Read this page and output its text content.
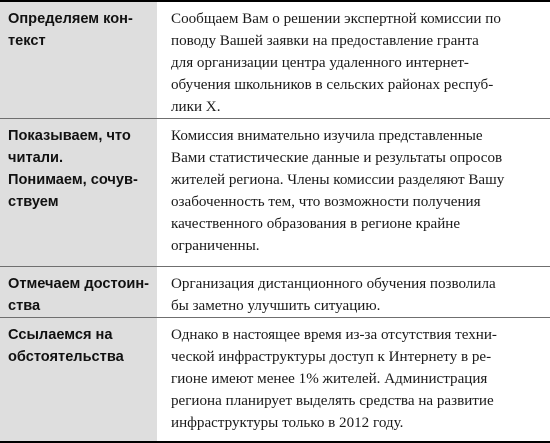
Определяем кон-
текст
Сообщаем Вам о решении экспертной комиссии по
поводу Вашей заявки на предоставление гранта
для организации центра удаленного интернет-
обучения школьников в сельских районах респуб-
лики Х.
Показываем, что
читали.
Понимаем, сочув-
ствуем
Комиссия внимательно изучила представленные
Вами статистические данные и результаты опросов
жителей региона. Члены комиссии разделяют Вашу
озабоченность тем, что возможности получения
качественного образования в регионе крайне
ограниченны.
Отмечаем достоин-
ства
Организация дистанционного обучения позволила
бы заметно улучшить ситуацию.
Ссылаемся на
обстоятельства
Однако в настоящее время из-за отсутствия техни-
ческой инфраструктуры доступ к Интернету в ре-
гионе имеют менее 1% жителей. Администрация
региона планирует выделять средства на развитие
инфраструктуры только в 2012 году.
